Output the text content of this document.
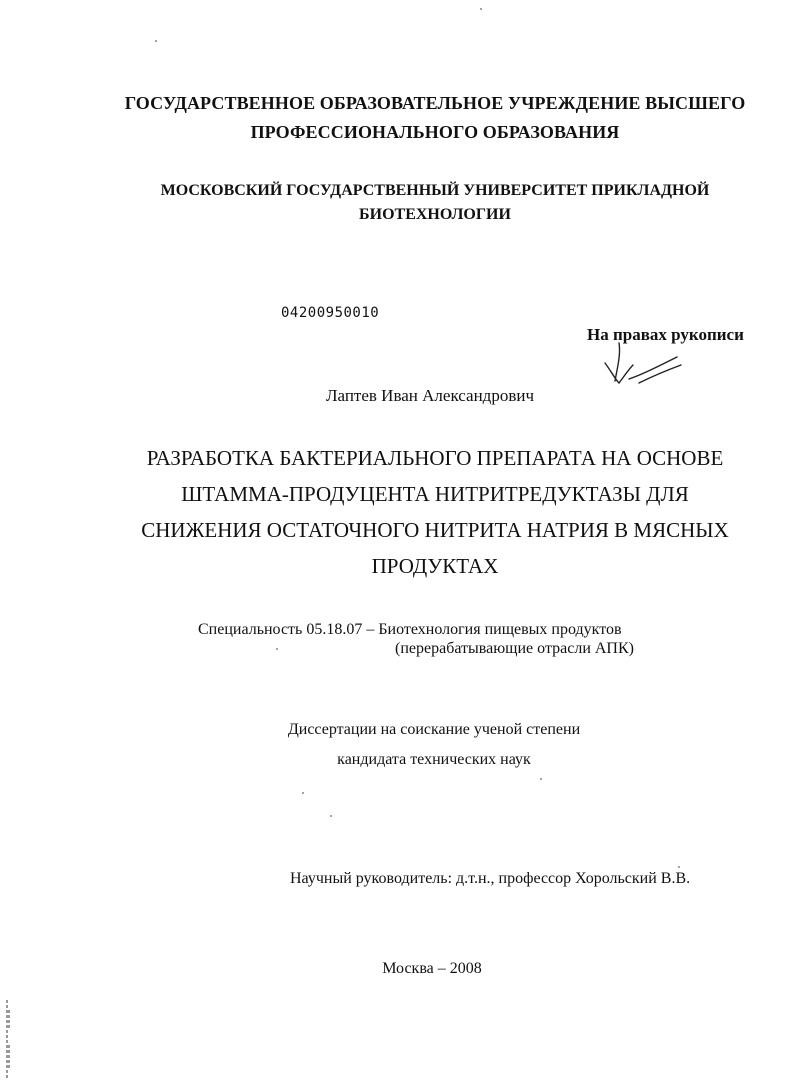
ГОСУДАРСТВЕННОЕ ОБРАЗОВАТЕЛЬНОЕ УЧРЕЖДЕНИЕ ВЫСШЕГО
ПРОФЕССИОНАЛЬНОГО ОБРАЗОВАНИЯ
МОСКОВСКИЙ ГОСУДАРСТВЕННЫЙ УНИВЕРСИТЕТ ПРИКЛАДНОЙ
БИОТЕХНОЛОГИИ
04200950010
На правах рукописи
Лаптев Иван Александрович
РАЗРАБОТКА БАКТЕРИАЛЬНОГО ПРЕПАРАТА НА ОСНОВЕ
ШТАММА-ПРОДУЦЕНТА НИТРИТРЕДУКТАЗЫ ДЛЯ
СНИЖЕНИЯ ОСТАТОЧНОГО НИТРИТА НАТРИЯ В МЯСНЫХ
ПРОДУКТАХ
Специальность 05.18.07 – Биотехнология пищевых продуктов
(перерабатывающие отрасли АПК)
Диссертации на соискание ученой степени
кандидата технических наук
Научный руководитель: д.т.н., профессор Хорольский В.В.
Москва – 2008
